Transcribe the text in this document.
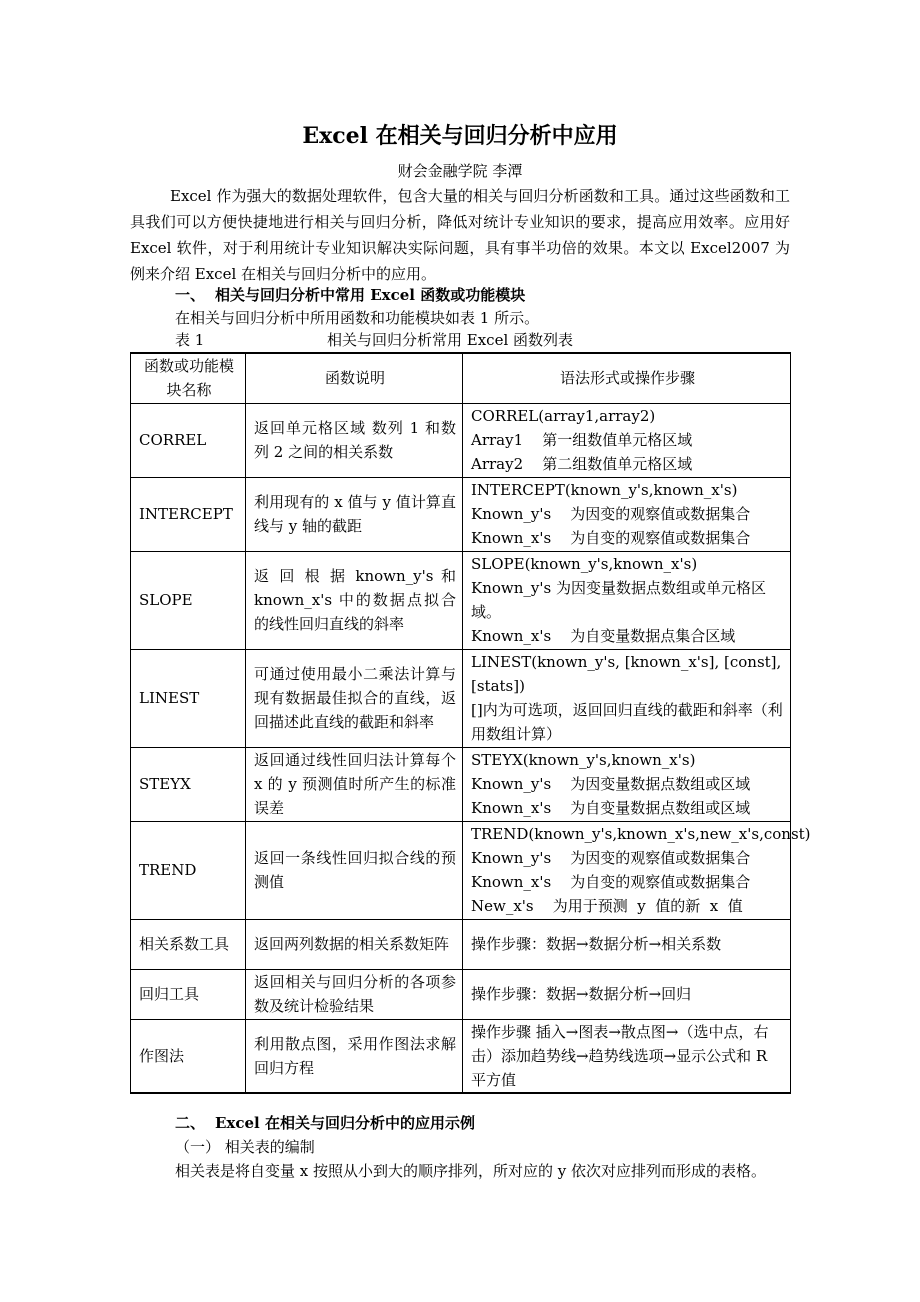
Excel 在相关与回归分析中应用
财会金融学院 李潭
Excel 作为强大的数据处理软件，包含大量的相关与回归分析函数和工具。通过这些函数和工具我们可以方便快捷地进行相关与回归分析，降低对统计专业知识的要求，提高应用效率。应用好 Excel 软件，对于利用统计专业知识解决实际问题，具有事半功倍的效果。本文以 Excel2007 为例来介绍 Excel 在相关与回归分析中的应用。
一、 相关与回归分析中常用 Excel 函数或功能模块
在相关与回归分析中所用函数和功能模块如表 1 所示。
表 1	相关与回归分析常用 Excel 函数列表
函数或功能模块名称	函数说明	语法形式或操作步骤
CORREL	返回单元格区域 数列 1 和数列 2 之间的相关系数	CORREL(array1,array2)
Array1    第一组数值单元格区域
Array2    第二组数值单元格区域

INTERCEPT	利用现有的 x 值与 y 值计算直线与 y 轴的截距	INTERCEPT(known_y's,known_x's)
Known_y's    为因变的观察值或数据集合
Known_x's    为自变的观察值或数据集合

SLOPE	返 回 根 据 known_y's 和 known_x's 中的数据点拟合的线性回归直线的斜率	SLOPE(known_y's,known_x's)
Known_y's 为因变量数据点数组或单元格区域。
Known_x's    为自变量数据点集合区域

LINEST	可通过使用最小二乘法计算与现有数据最佳拟合的直线，返回描述此直线的截距和斜率	LINEST(known_y's, [known_x's], [const], [stats])
[]内为可选项，返回回归直线的截距和斜率（利用数组计算）

STEYX	返回通过线性回归法计算每个 x 的 y 预测值时所产生的标准误差	STEYX(known_y's,known_x's)
Known_y's    为因变量数据点数组或区域
Known_x's    为自变量数据点数组或区域

TREND	返回一条线性回归拟合线的预测值	TREND(known_y's,known_x's,new_x's,const)
Known_y's    为因变的观察值或数据集合
Known_x's    为自变的观察值或数据集合
New_x's    为用于预测  y  值的新  x  值

相关系数工具	返回两列数据的相关系数矩阵	操作步骤：数据→数据分析→相关系数

回归工具	返回相关与回归分析的各项参数及统计检验结果	操作步骤：数据→数据分析→回归

作图法	利用散点图，采用作图法求解回归方程	操作步骤 插入→图表→散点图→（选中点，右击）添加趋势线→趋势线选项→显示公式和 R 平方值
二、 Excel 在相关与回归分析中的应用示例
（一） 相关表的编制
相关表是将自变量 x 按照从小到大的顺序排列，所对应的 y 依次对应排列而形成的表格。
